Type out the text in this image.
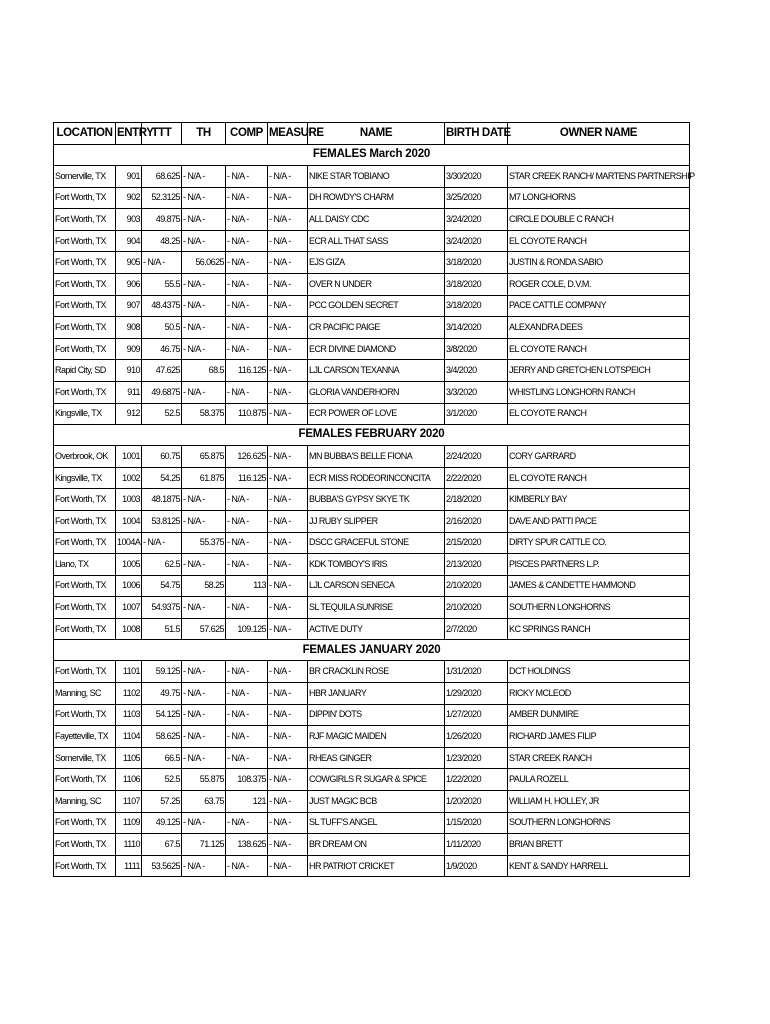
LOCATION	ENTRY	TTT	TH	COMP	MEASURE	NAME	BIRTH DATE	OWNER NAME
FEMALES March 2020								
Somerville, TX	901	68.625	- N/A -	- N/A -	- N/A -	NIKE STAR TOBIANO	3/30/2020	STAR CREEK RANCH/ MARTENS PARTNERSHIP
Fort Worth, TX	902	52.3125	- N/A -	- N/A -	- N/A -	DH ROWDY'S CHARM	3/25/2020	M7 LONGHORNS
Fort Worth, TX	903	49.875	- N/A -	- N/A -	- N/A -	ALL DAISY CDC	3/24/2020	CIRCLE DOUBLE C RANCH
Fort Worth, TX	904	48.25	- N/A -	- N/A -	- N/A -	ECR ALL THAT SASS	3/24/2020	EL COYOTE RANCH
Fort Worth, TX	905	- N/A -	56.0625	- N/A -	- N/A -	EJS GIZA	3/18/2020	JUSTIN & RONDA SABIO
Fort Worth, TX	906	55.5	- N/A -	- N/A -	- N/A -	OVER N UNDER	3/18/2020	ROGER COLE, D.V.M.
Fort Worth, TX	907	48.4375	- N/A -	- N/A -	- N/A -	PCC GOLDEN SECRET	3/18/2020	PACE CATTLE COMPANY
Fort Worth, TX	908	50.5	- N/A -	- N/A -	- N/A -	CR PACIFIC PAIGE	3/14/2020	ALEXANDRA DEES
Fort Worth, TX	909	46.75	- N/A -	- N/A -	- N/A -	ECR DIVINE DIAMOND	3/8/2020	EL COYOTE RANCH
Rapid City, SD	910	47.625	68.5	116.125	- N/A -	LJL CARSON TEXANNA	3/4/2020	JERRY AND GRETCHEN LOTSPEICH
Fort Worth, TX	911	49.6875	- N/A -	- N/A -	- N/A -	GLORIA VANDERHORN	3/3/2020	WHISTLING LONGHORN RANCH
Kingsville, TX	912	52.5	58.375	110.875	- N/A -	ECR POWER OF LOVE	3/1/2020	EL COYOTE RANCH
FEMALES FEBRUARY 2020								
Overbrook, OK	1001	60.75	65.875	126.625	- N/A -	MN BUBBA'S BELLE FIONA	2/24/2020	CORY GARRARD
Kingsville, TX	1002	54.25	61.875	116.125	- N/A -	ECR MISS RODEORINCONCITA	2/22/2020	EL COYOTE RANCH
Fort Worth, TX	1003	48.1875	- N/A -	- N/A -	- N/A -	BUBBA'S GYPSY SKYE TK	2/18/2020	KIMBERLY BAY
Fort Worth, TX	1004	53.8125	- N/A -	- N/A -	- N/A -	JJ RUBY SLIPPER	2/16/2020	DAVE AND PATTI PACE
Fort Worth, TX	1004A	- N/A -	55.375	- N/A -	- N/A -	DSCC GRACEFUL STONE	2/15/2020	DIRTY SPUR CATTLE CO.
Llano, TX	1005	62.5	- N/A -	- N/A -	- N/A -	KDK TOMBOY'S IRIS	2/13/2020	PISCES PARTNERS L.P.
Fort Worth, TX	1006	54.75	58.25	113	- N/A -	LJL CARSON SENECA	2/10/2020	JAMES & CANDETTE HAMMOND
Fort Worth, TX	1007	54.9375	- N/A -	- N/A -	- N/A -	SL TEQUILA SUNRISE	2/10/2020	SOUTHERN LONGHORNS
Fort Worth, TX	1008	51.5	57.625	109.125	- N/A -	ACTIVE DUTY	2/7/2020	KC SPRINGS RANCH
FEMALES JANUARY 2020								
Fort Worth, TX	1101	59.125	- N/A -	- N/A -	- N/A -	BR CRACKLIN ROSE	1/31/2020	DCT HOLDINGS
Manning, SC	1102	49.75	- N/A -	- N/A -	- N/A -	HBR JANUARY	1/29/2020	RICKY MCLEOD
Fort Worth, TX	1103	54.125	- N/A -	- N/A -	- N/A -	DIPPIN' DOTS	1/27/2020	AMBER DUNMIRE
Fayetteville, TX	1104	58.625	- N/A -	- N/A -	- N/A -	RJF MAGIC MAIDEN	1/26/2020	RICHARD JAMES FILIP
Somerville, TX	1105	66.5	- N/A -	- N/A -	- N/A -	RHEAS GINGER	1/23/2020	STAR CREEK RANCH
Fort Worth, TX	1106	52.5	55.875	108.375	- N/A -	COWGIRLS R SUGAR & SPICE	1/22/2020	PAULA ROZELL
Manning, SC	1107	57.25	63.75	121	- N/A -	JUST MAGIC BCB	1/20/2020	WILLIAM H. HOLLEY, JR
Fort Worth, TX	1109	49.125	- N/A -	- N/A -	- N/A -	SL TUFF'S ANGEL	1/15/2020	SOUTHERN LONGHORNS
Fort Worth, TX	1110	67.5	71.125	138.625	- N/A -	BR DREAM ON	1/11/2020	BRIAN BRETT
Fort Worth, TX	1111	53.5625	- N/A -	- N/A -	- N/A -	HR PATRIOT CRICKET	1/9/2020	KENT & SANDY HARRELL
